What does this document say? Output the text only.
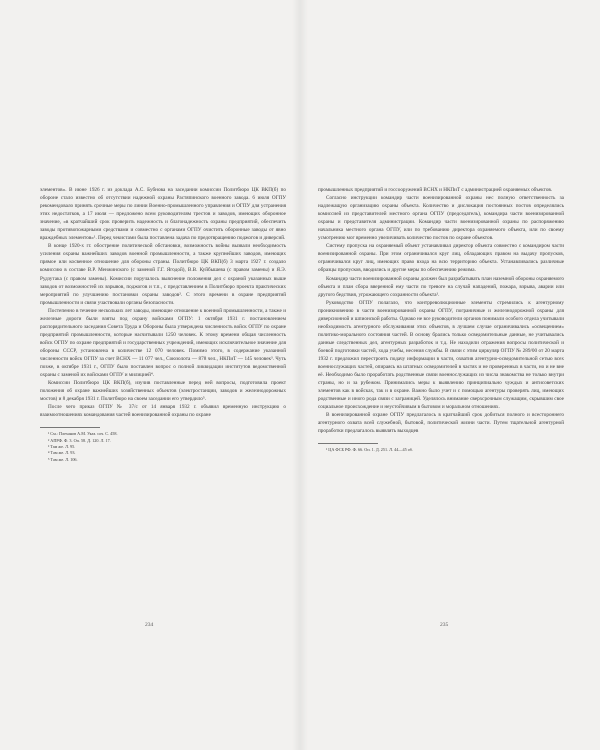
элементов». В июне 1926 г. из доклада А.С. Бубнова на заседании комиссии Политбюро ЦК ВКП(б) по обороне стало известно об отсутствии надежной охраны Растяпинского военного завода. 6 июля ОГПУ рекомендовало принять срочные меры по линии Военно-промышленного управления и ОГПУ для устранения этих недостатков, а 17 июля — предложено всем руководителям трестов и заводов, имеющих оборонное значение, «в кратчайший срок проверить надежность и благонадежность охраны предприятий, обеспечить заводы противопожарными средствами и совместно с органами ОГПУ очистить оборонные заводы от явно враждебных элементов»¹. Перед чекистами была поставлена задача по предотвращению поджогов и диверсий.

В конце 1920-х гг. обострение политической обстановки, возможность войны вызвали необходимость усиления охраны важнейших заводов военной промышленности, а также крупнейших заводов, имеющих прямое или косвенное отношение для обороны страны. Политбюро ЦК ВКП(б) 3 марта 1927 г. создало комиссию в составе В.Р. Менжинского (с заменой Г.Г. Ягодой), В.В. Куйбышева (с правом замены) и Я.Э. Рудзутака (с правом замены). Комиссии поручалось выяснение положения дел с охраной указанных выше заводов от возможностей их взрывов, поджогов и т.п., с представлением в Политбюро проекта практических мероприятий по улучшению постановки охраны заводов². С этого времени в охране предприятий промышленности и связи участвовали органы безопасности.

Постепенно в течение нескольких лет заводы, имеющие отношение к военной промышленности, а также и железные дороги были взяты под охрану войсками ОГПУ: 1 октября 1931 г. постановлением распорядительного заседания Совета Труда и Обороны была утверждена численность войск ОГПУ по охране предприятий промышленности, которые насчитывали 1250 человек. К этому времени общая численность войск ОГПУ по охране предприятий и государственных учреждений, имеющих исключительное значение для обороны СССР, установлена в количестве 12 070 человек. Помимо этого, в содержание указанной численности войск ОГПУ за счет ВСНХ — 11 077 чел., Союзолота — 878 чел., НКПиТ — 145 человек³. Чуть позже, в октябре 1931 г., ОГПУ было поставлен вопрос о полной ликвидации институтов ведомственной охраны с заменой их войсками ОГПУ и милицией⁴.

Комиссии Политбюро ЦК ВКП(б), изучив поставленные перед ней вопросы, подготовила проект положения об охране важнейших хозяйственных объектов (электростанции, заводов и железнодорожных мостов) и 8 декабря 1931 г. Политбюро на своем заседании его утвердило⁵.

После чего приказ ОГПУ № 37/с от 14 января 1932 г. объявил временную инструкцию о взаимоотношениях командования частей военизированной охраны по охране

¹ См.: Плеханов А.М. Указ. соч. С. 458.

² АПРФ. Ф. 3. Оп. 58. Д. 120. Л. 17.

³ Там же. Л. 95.

⁴ Там же. Л. 93.

⁵ Там же. Л. 106.

промышленных предприятий и госсооружений ВСНХ и НКПиТ с администрацией охраняемых объектов.

Согласно инструкции командир части военизированной охраны нес полную ответственность за надлежащую организацию охраны объекта. Количество и дислокация постоянных постов определялись комиссией из представителей местного органа ОГПУ (председатель), командира части военизированной охраны и представителя администрации. Командир части военизированной охраны по распоряжению начальника местного органа ОГПУ, или по требованию директора охраняемого объекта, или по своему усмотрению мог временно увеличивать количество постов по охране объектов.

Систему пропуска на охраняемый объект устанавливал директор объекта совместно с командиром части военизированной охраны. При этом ограничивался круг лиц, обладающих правом на выдачу пропусков, ограничивался круг лиц, имеющих право входа на всю территорию объекта. Устанавливались различные образцы пропусков, вводились и другие меры по обеспечению режима.

Командир части военизированной охраны должен был разрабатывать план наземной обороны охраняемого объекта и план сбора вверенной ему части по тревоге на случай нападений, пожара, взрыва, аварии или другого бедствия, угрожающего сохранности объекта¹.

Руководство ОГПУ полагало, что контрреволюционные элементы стремились к агентурному проникновению в части военизированной охраны ОГПУ, пограничные и железнодорожной охраны для диверсионной и шпионской работы. Однако не все руководители органов понимали особого отдела учитывали необходимость агентурного обслуживания этих объектов, в лучшем случае ограничивались «освещением» политико-морального состояния частей. В основу брались только осведомительные данные, не учитывались данные следственных дел, агентурных разработок и т.д. Не находили отражения вопросы политической и боевой подготовки частей, хода учебы, несения службы. В связи с этим циркуляр ОГПУ № 289/00 от 20 марта 1932 г. предложил перестроить подачу информации в части, охватив агентурно-осведомительной сетью всех военнослужащих частей, опираясь на штатных осведомителей в частях и не проверенных в части, но и не вне её. Необходимо было проработать родственные связи военнослужащих из числа знакомства не только внутри страны, но и за рубежом. Принимались меры к выявлению принципиально чуждых и антисоветских элементов как в войсках, так и в охране. Важно было учет и с помощью агентуры проверять лиц, имеющих родственные и иного рода связи с заграницей. Уделялось внимание сверхсрочным служащим, скрывшим свое социальное происхождение и неустойчивым в бытовом и моральном отношениях.

В военизированной охране ОГПУ предлагалось в кратчайший срок добиться полного и всестороннего агентурного охвата всей служебной, бытовой, политической жизни части. Путем тщательной агентурной проработки предлагалось выявлять выходцев

¹ ЦА ФСБ РФ. Ф. 66. Оп. 1. Д. 251. Л. 44—45 об.

234	235
